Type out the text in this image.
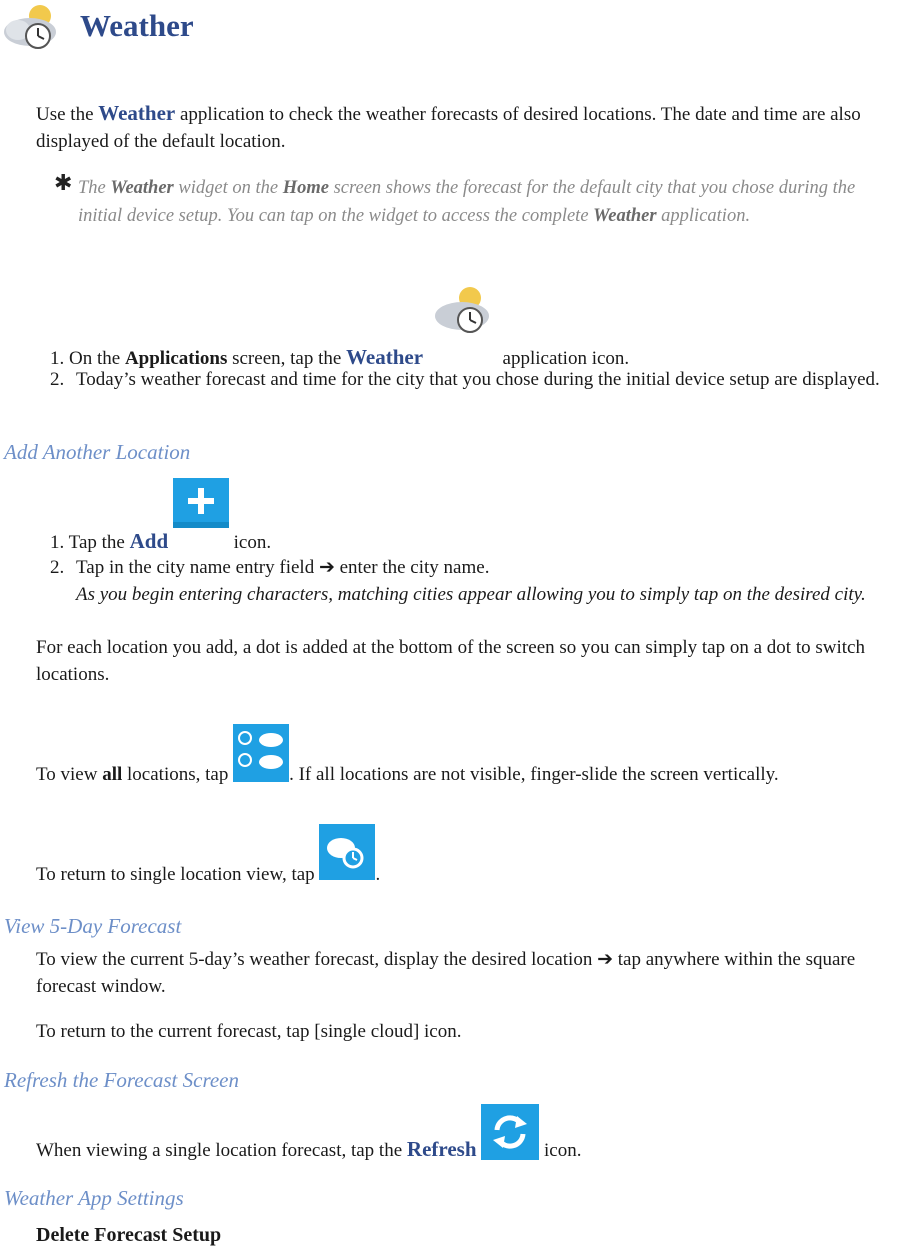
Weather

Use the Weather application to check the weather forecasts of desired locations. The date and time are also displayed of the default location.

✱ The Weather widget on the Home screen shows the forecast for the default city that you chose during the initial device setup. You can tap on the widget to access the complete Weather application.

1. On the Applications screen, tap the Weather	application icon.

2. Today’s weather forecast and time for the city that you chose during the initial device setup are displayed.

Add Another Location

1. Tap the Add	icon.

2. Tap in the city name entry field ➔ enter the city name.
As you begin entering characters, matching cities appear allowing you to simply tap on the desired city.

For each location you add, a dot is added at the bottom of the screen so you can simply tap on a dot to switch locations.

To view all locations, tap	. If all locations are not visible, finger-slide the screen vertically.

To return to single location view, tap	.

View 5-Day Forecast

To view the current 5-day’s weather forecast, display the desired location ➔ tap anywhere within the square forecast window.

To return to the current forecast, tap [single cloud] icon.

Refresh the Forecast Screen

When viewing a single location forecast, tap the Refresh	icon.

Weather App Settings
Delete Forecast Setup
